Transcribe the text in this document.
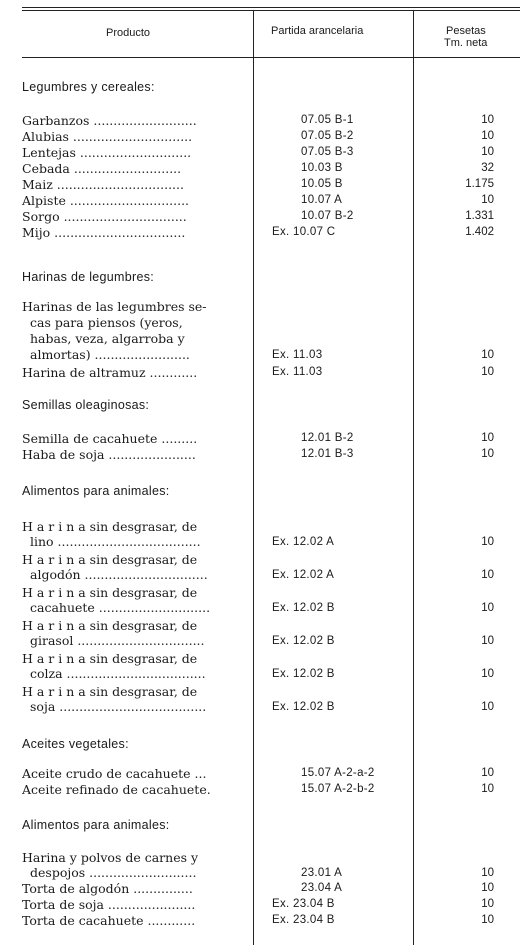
Producto	Partida arancelaria	Pesetas
Tm. neta
Legumbres y cereales:
Harinas de legumbres:
Semillas oleaginosas:
Alimentos para animales:
Aceites vegetales:
Alimentos para animales:
Garbanzos ..........................	07.05 B-1	10
Alubias ..............................	07.05 B-2	10
Lentejas ............................	07.05 B-3	10
Cebada ...........................	10.03 B	32
Maiz ................................	10.05 B	1.175
Alpiste ..............................	10.07 A	10
Sorgo ...............................	10.07 B-2	1.331
Mijo .................................	Ex. 10.07 C	1.402
Harinas de las legumbres se-
cas para piensos (yeros,
habas, veza, algarroba y
almortas) ........................	Ex. 11.03	10
Harina de altramuz ............	Ex. 11.03	10
Semilla de cacahuete .........	12.01 B-2	10
Haba de soja ......................	12.01 B-3	10
H a r i n a sin desgrasar, de
lino ....................................	Ex. 12.02 A	10
H a r i n a sin desgrasar, de
algodón ...............................	Ex. 12.02 A	10
H a r i n a sin desgrasar, de
cacahuete ............................	Ex. 12.02 B	10
H a r i n a sin desgrasar, de
girasol ................................	Ex. 12.02 B	10
H a r i n a sin desgrasar, de
colza ...................................	Ex. 12.02 B	10
H a r i n a sin desgrasar, de
soja .....................................	Ex. 12.02 B	10
Aceite crudo de cacahuete ...	15.07 A-2-a-2	10
Aceite refinado de cacahuete.	15.07 A-2-b-2	10
Harina y polvos de carnes y
despojos ...........................	23.01 A	10
Torta de algodón ...............	23.04 A	10
Torta de soja ......................	Ex. 23.04 B	10
Torta de cacahuete ............	Ex. 23.04 B	10
